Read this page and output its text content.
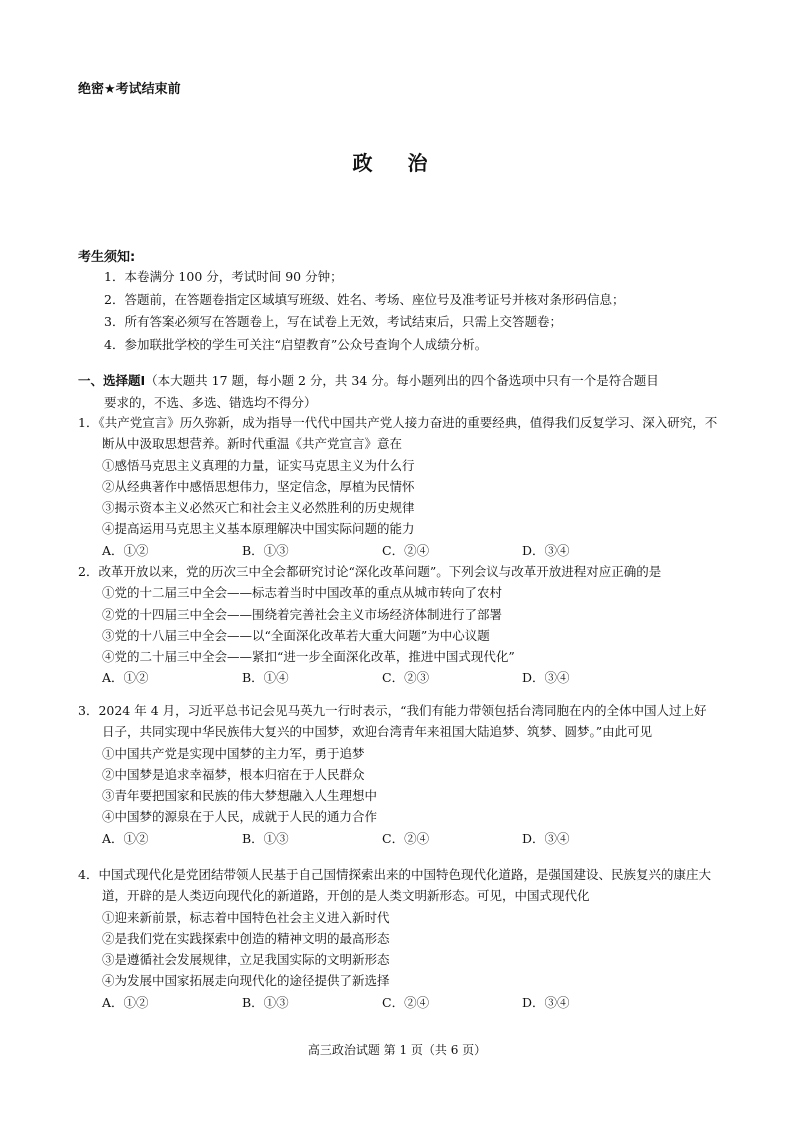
绝密★考试结束前
政 治
考生须知:
1．本卷满分 100 分，考试时间 90 分钟；
2．答题前，在答题卷指定区域填写班级、姓名、考场、座位号及准考证号并核对条形码信息；
3．所有答案必须写在答题卷上，写在试卷上无效，考试结束后，只需上交答题卷；
4．参加联批学校的学生可关注“启望教育”公众号查询个人成绩分析。
一、选择题Ⅰ（本大题共 17 题，每小题 2 分，共 34 分。每小题列出的四个备选项中只有一个是符合题目
要求的，不选、多选、错选均不得分）
1．《共产党宣言》历久弥新，成为指导一代代中国共产党人接力奋进的重要经典，值得我们反复学习、深入研究，不断从中汲取思想营养。新时代重温《共产党宣言》意在
①感悟马克思主义真理的力量，证实马克思主义为什么行
②从经典著作中感悟思想伟力，坚定信念，厚植为民情怀
③揭示资本主义必然灭亡和社会主义必然胜利的历史规律
④提高运用马克思主义基本原理解决中国实际问题的能力
A．①②	B．①③	C．②④	D．③④
2．改革开放以来，党的历次三中全会都研究讨论“深化改革问题”。下列会议与改革开放进程对应正确的是
①党的十二届三中全会——标志着当时中国改革的重点从城市转向了农村
②党的十四届三中全会——围绕着完善社会主义市场经济体制进行了部署
③党的十八届三中全会——以“全面深化改革若大重大问题”为中心议题
④党的二十届三中全会——紧扣“进一步全面深化改革，推进中国式现代化”
A．①②	B．①④	C．②③	D．③④
3．2024 年 4 月，习近平总书记会见马英九一行时表示，“我们有能力带领包括台湾同胞在内的全体中国人过上好日子，共同实现中华民族伟大复兴的中国梦，欢迎台湾青年来祖国大陆追梦、筑梦、圆梦。”由此可见
①中国共产党是实现中国梦的主力军，勇于追梦
②中国梦是追求幸福梦，根本归宿在于人民群众
③青年要把国家和民族的伟大梦想融入人生理想中
④中国梦的源泉在于人民，成就于人民的通力合作
A．①②	B．①③	C．②④	D．③④
4．中国式现代化是党团结带领人民基于自己国情探索出来的中国特色现代化道路，是强国建设、民族复兴的康庄大道，开辟的是人类迈向现代化的新道路，开创的是人类文明新形态。可见，中国式现代化
①迎来新前景，标志着中国特色社会主义进入新时代
②是我们党在实践探索中创造的精神文明的最高形态
③是遵循社会发展规律，立足我国实际的文明新形态
④为发展中国家拓展走向现代化的途径提供了新选择
A．①②	B．①③	C．②④	D．③④
高三政治试题 第 1 页（共 6 页）
